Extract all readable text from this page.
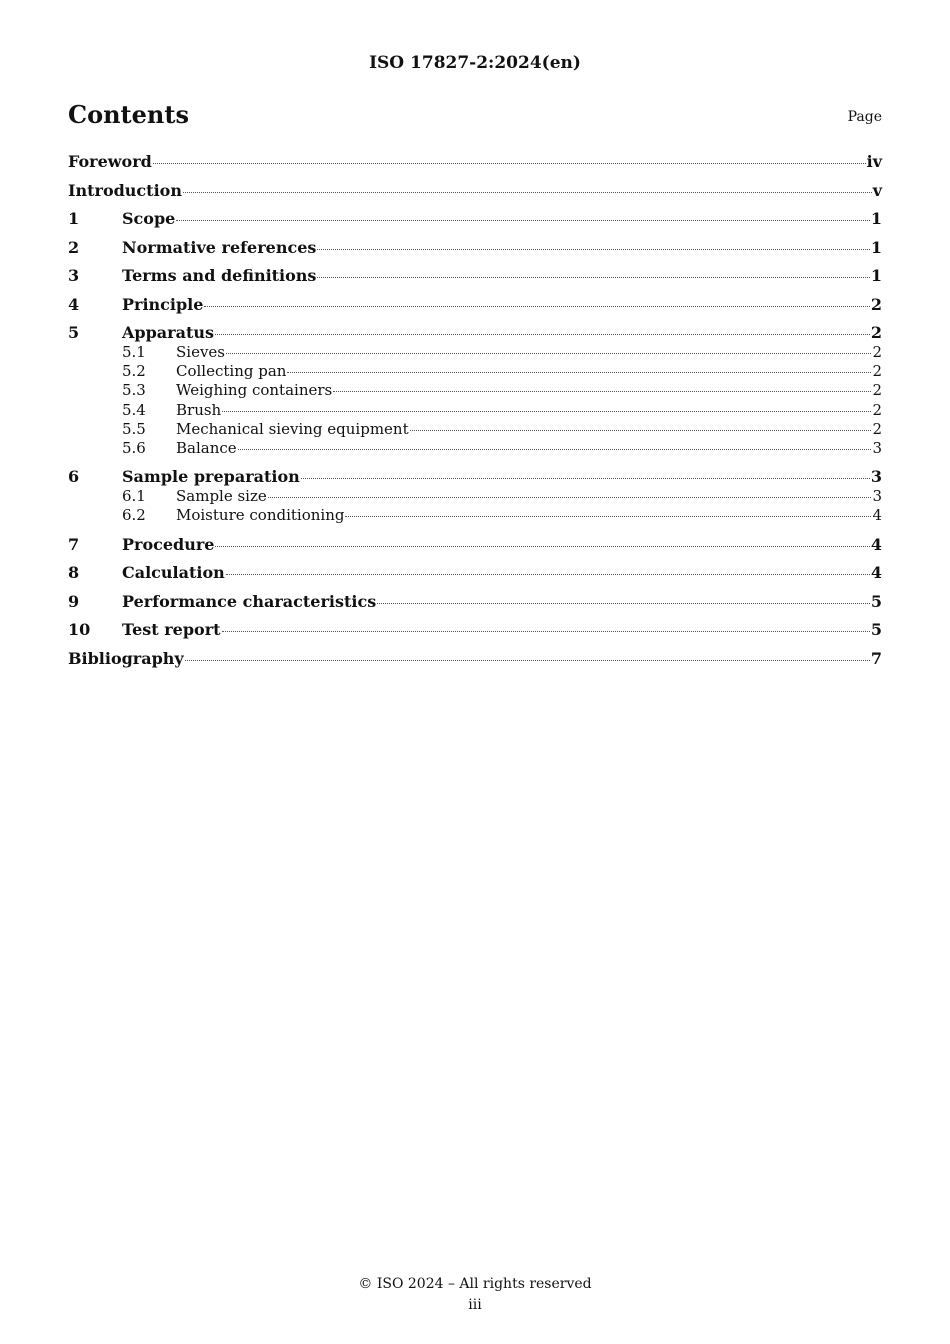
ISO 17827-2:2024(en)
Contents	Page
Foreword	iv
Introduction	v
1	Scope	1
2	Normative references	1
3	Terms and definitions	1
4	Principle	2
5	Apparatus	2
5.1	Sieves	2
5.2	Collecting pan	2
5.3	Weighing containers	2
5.4	Brush	2
5.5	Mechanical sieving equipment	2
5.6	Balance	3
6	Sample preparation	3
6.1	Sample size	3
6.2	Moisture conditioning	4
7	Procedure	4
8	Calculation	4
9	Performance characteristics	5
10	Test report	5
Bibliography	7
© ISO 2024 – All rights reserved
iii
